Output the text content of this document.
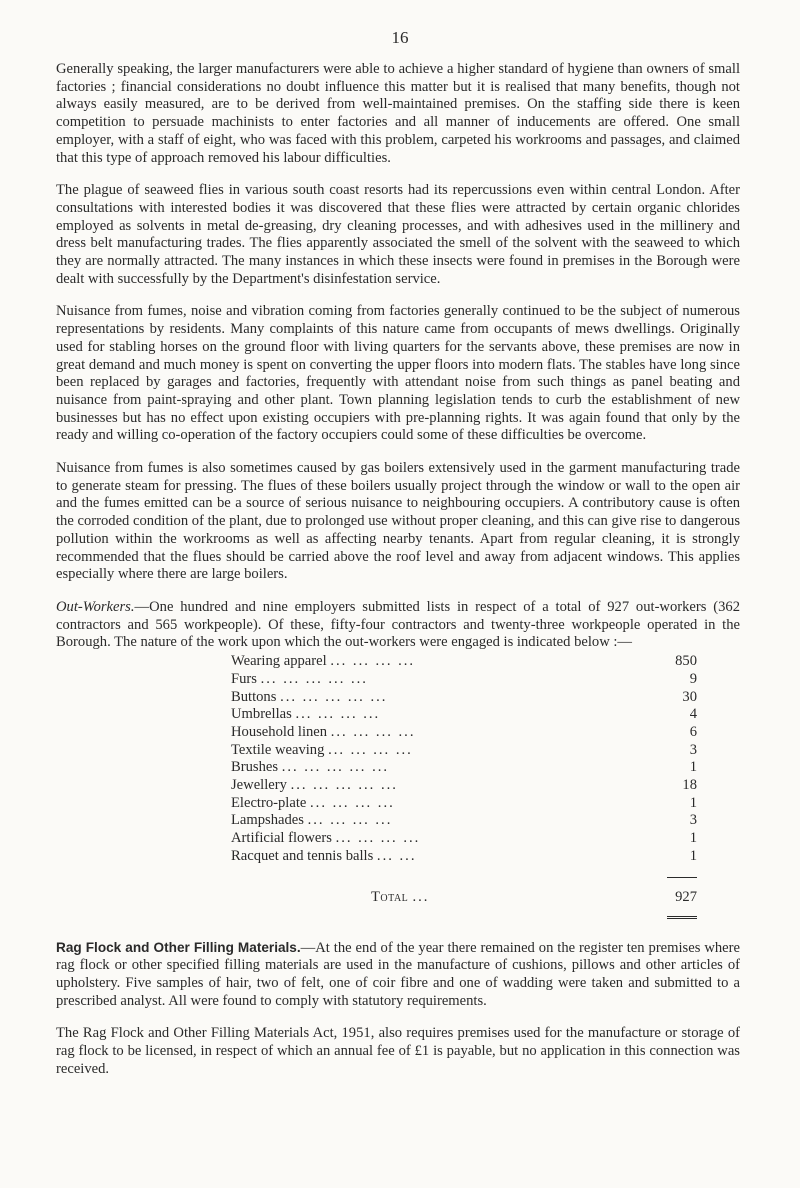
16

Generally speaking, the larger manufacturers were able to achieve a higher standard of hygiene than owners of small factories ; financial considerations no doubt influence this matter but it is realised that many benefits, though not always easily measured, are to be derived from well-maintained premises. On the staffing side there is keen competition to persuade machinists to enter factories and all manner of inducements are offered. One small employer, with a staff of eight, who was faced with this problem, carpeted his workrooms and passages, and claimed that this type of approach removed his labour difficulties.

The plague of seaweed flies in various south coast resorts had its repercussions even within central London. After consultations with interested bodies it was discovered that these flies were attracted by certain organic chlorides employed as solvents in metal de-greasing, dry cleaning processes, and with adhesives used in the millinery and dress belt manufacturing trades. The flies apparently associated the smell of the solvent with the seaweed to which they are normally attracted. The many instances in which these insects were found in premises in the Borough were dealt with successfully by the Department's disinfestation service.

Nuisance from fumes, noise and vibration coming from factories generally continued to be the subject of numerous representations by residents. Many complaints of this nature came from occupants of mews dwellings. Originally used for stabling horses on the ground floor with living quarters for the servants above, these premises are now in great demand and much money is spent on converting the upper floors into modern flats. The stables have long since been replaced by garages and factories, frequently with attendant noise from such things as panel beating and nuisance from paint-spraying and other plant. Town planning legislation tends to curb the establishment of new businesses but has no effect upon existing occupiers with pre-planning rights. It was again found that only by the ready and willing co-operation of the factory occupiers could some of these difficulties be overcome.

Nuisance from fumes is also sometimes caused by gas boilers extensively used in the garment manufacturing trade to generate steam for pressing. The flues of these boilers usually project through the window or wall to the open air and the fumes emitted can be a source of serious nuisance to neighbouring occupiers. A contributory cause is often the corroded condition of the plant, due to prolonged use without proper cleaning, and this can give rise to dangerous pollution within the workrooms as well as affecting nearby tenants. Apart from regular cleaning, it is strongly recommended that the flues should be carried above the roof level and away from adjacent windows. This applies especially where there are large boilers.

Out-Workers.—One hundred and nine employers submitted lists in respect of a total of 927 out-workers (362 contractors and 565 workpeople). Of these, fifty-four contractors and twenty-three workpeople operated in the Borough. The nature of the work upon which the out-workers were engaged is indicated below :—

Wearing apparel ... ... ... ...	850
Furs ... ... ... ... ...	9
Buttons ... ... ... ... ...	30
Umbrellas ... ... ... ...	4
Household linen ... ... ... ...	6
Textile weaving ... ... ... ...	3
Brushes ... ... ... ... ...	1
Jewellery ... ... ... ... ...	18
Electro-plate ... ... ... ...	1
Lampshades ... ... ... ...	3
Artificial flowers ... ... ... ...	1
Racquet and tennis balls ... ...	1

Total ...	927

Rag Flock and Other Filling Materials.—At the end of the year there remained on the register ten premises where rag flock or other specified filling materials are used in the manufacture of cushions, pillows and other articles of upholstery. Five samples of hair, two of felt, one of coir fibre and one of wadding were taken and submitted to a prescribed analyst. All were found to comply with statutory requirements.

The Rag Flock and Other Filling Materials Act, 1951, also requires premises used for the manufacture or storage of rag flock to be licensed, in respect of which an annual fee of £1 is payable, but no application in this connection was received.
